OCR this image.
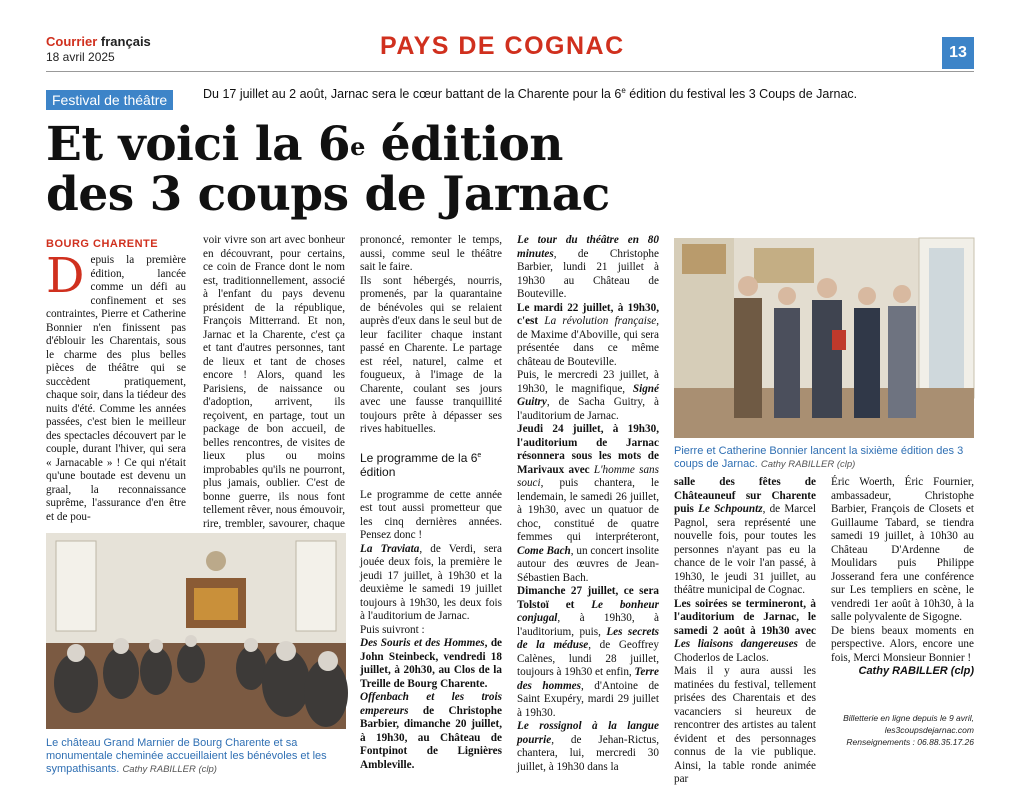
Courrier français
18 avril 2025	PAYS DE COGNAC	13
Festival de théâtre	Du 17 juillet au 2 août, Jarnac sera le cœur battant de la Charente pour la 6e édition du festival les 3 Coups de Jarnac.
Et voici la 6e édition
des 3 coups de Jarnac
BOURG CHARENTE
D epuis la première édition, lancée comme un défi au confinement et ses contraintes, Pierre et Catherine Bonnier n'en finissent pas d'éblouir les Charentais, sous le charme des plus belles pièces de théâtre qui se succèdent pratiquement, chaque soir, dans la tiédeur des nuits d'été. Comme les années passées, c'est bien le meilleur des spectacles découvert par le couple, durant l'hiver, qui sera « Jarnacable » ! Ce qui n'était qu'une boutade est devenu un graal, la reconnaissance suprême, l'assurance d'en être et de pou-

voir vivre son art avec bonheur en découvrant, pour certains, ce coin de France dont le nom est, traditionnellement, associé à l'enfant du pays devenu président de la république, François Mitterrand. Et non, Jarnac et la Charente, c'est ça et tant d'autres personnes, tant de lieux et tant de choses encore ! Alors, quand les Parisiens, de naissance ou d'adoption, arrivent, ils reçoivent, en partage, tout un package de bon accueil, de belles rencontres, de visites de lieux plus ou moins improbables qu'ils ne pourront, plus jamais, oublier. C'est de bonne guerre, ils nous font tellement rêver, nous émouvoir, rire, trembler, savourer, chaque

prononcé, remonter le temps, aussi, comme seul le théâtre sait le faire.

Ils sont hébergés, nourris, promenés, par la quarantaine de bénévoles qui se relaient auprès d'eux dans le seul but de leur faciliter chaque instant passé en Charente. Le partage est réel, naturel, calme et fougueux, à l'image de la Charente, coulant ses jours avec une fausse tranquillité toujours prête à dépasser ses rives habituelles.

Le programme de la 6e édition

Le programme de cette année est tout aussi prometteur que les cinq dernières années. Pensez donc !

La Traviata, de Verdi, sera jouée deux fois, la première le jeudi 17 juillet, à 19h30 et la deuxième le samedi 19 juillet toujours à 19h30, les deux fois à l'auditorium de Jarnac.

Puis suivront :

Des Souris et des Hommes, de John Steinbeck, vendredi 18 juillet, à 20h30, au Clos de la Treille de Bourg Charente.

Offenbach et les trois empereurs de Christophe Barbier, dimanche 20 juillet, à 19h30, au Château de Fontpinot de Lignières Ambleville.

Le tour du théâtre en 80 minutes, de Christophe Barbier, lundi 21 juillet à 19h30 au Château de Bouteville.

Le mardi 22 juillet, à 19h30, c'est La révolution française, de Maxime d'Aboville, qui sera présentée dans ce même château de Bouteville.

Puis, le mercredi 23 juillet, à 19h30, le magnifique, Signé Guitry, de Sacha Guitry, à l'auditorium de Jarnac.

Jeudi 24 juillet, à 19h30, l'auditorium de Jarnac résonnera sous les mots de Marivaux avec L'homme sans souci, puis chantera, le lendemain, le samedi 26 juillet, à 19h30, avec un quatuor de choc, constitué de quatre femmes qui interpréteront, Come Bach, un concert insolite autour des œuvres de Jean-Sébastien Bach.

Dimanche 27 juillet, ce sera Tolstoï et Le bonheur conjugal, à 19h30, à l'auditorium, puis, Les secrets de la méduse, de Geoffrey Calènes, lundi 28 juillet, toujours à 19h30 et enfin, Terre des hommes, d'Antoine de Saint Exupéry, mardi 29 juillet à 19h30.

Le rossignol à la langue pourrie, de Jehan-Rictus, chantera, lui, mercredi 30 juillet, à 19h30 dans la

Le château Grand Marnier de Bourg Charente et sa monumentale cheminée accueillaient les bénévoles et les sympathisants. Cathy RABILLER (clp)
Pierre et Catherine Bonnier lancent la sixième édition des 3 coups de Jarnac. Cathy RABILLER (clp)

salle des fêtes de Châteauneuf sur Charente puis Le Schpountz, de Marcel Pagnol, sera représenté une nouvelle fois, pour toutes les personnes n'ayant pas eu la chance de le voir l'an passé, à 19h30, le jeudi 31 juillet, au théâtre municipal de Cognac.

Les soirées se termineront, à l'auditorium de Jarnac, le samedi 2 août à 19h30 avec Les liaisons dangereuses de Choderlos de Laclos.

Mais il y aura aussi les matinées du festival, tellement prisées des Charentais et des vacanciers si heureux de rencontrer des artistes au talent évident et des personnages connus de la vie publique. Ainsi, la table ronde animée par

Éric Woerth, Éric Fournier, ambassadeur, Christophe Barbier, François de Closets et Guillaume Tabard, se tiendra samedi 19 juillet, à 10h30 au Château D'Ardenne de Moulidars puis Philippe Josserand fera une conférence sur Les templiers en scène, le vendredi 1er août à 10h30, à la salle polyvalente de Sigogne.

De biens beaux moments en perspective. Alors, encore une fois, Merci Monsieur Bonnier !

Cathy RABILLER (clp)

Billetterie en ligne depuis le 9 avril,
les3coupsdejarnac.com
Renseignements : 06.88.35.17.26
